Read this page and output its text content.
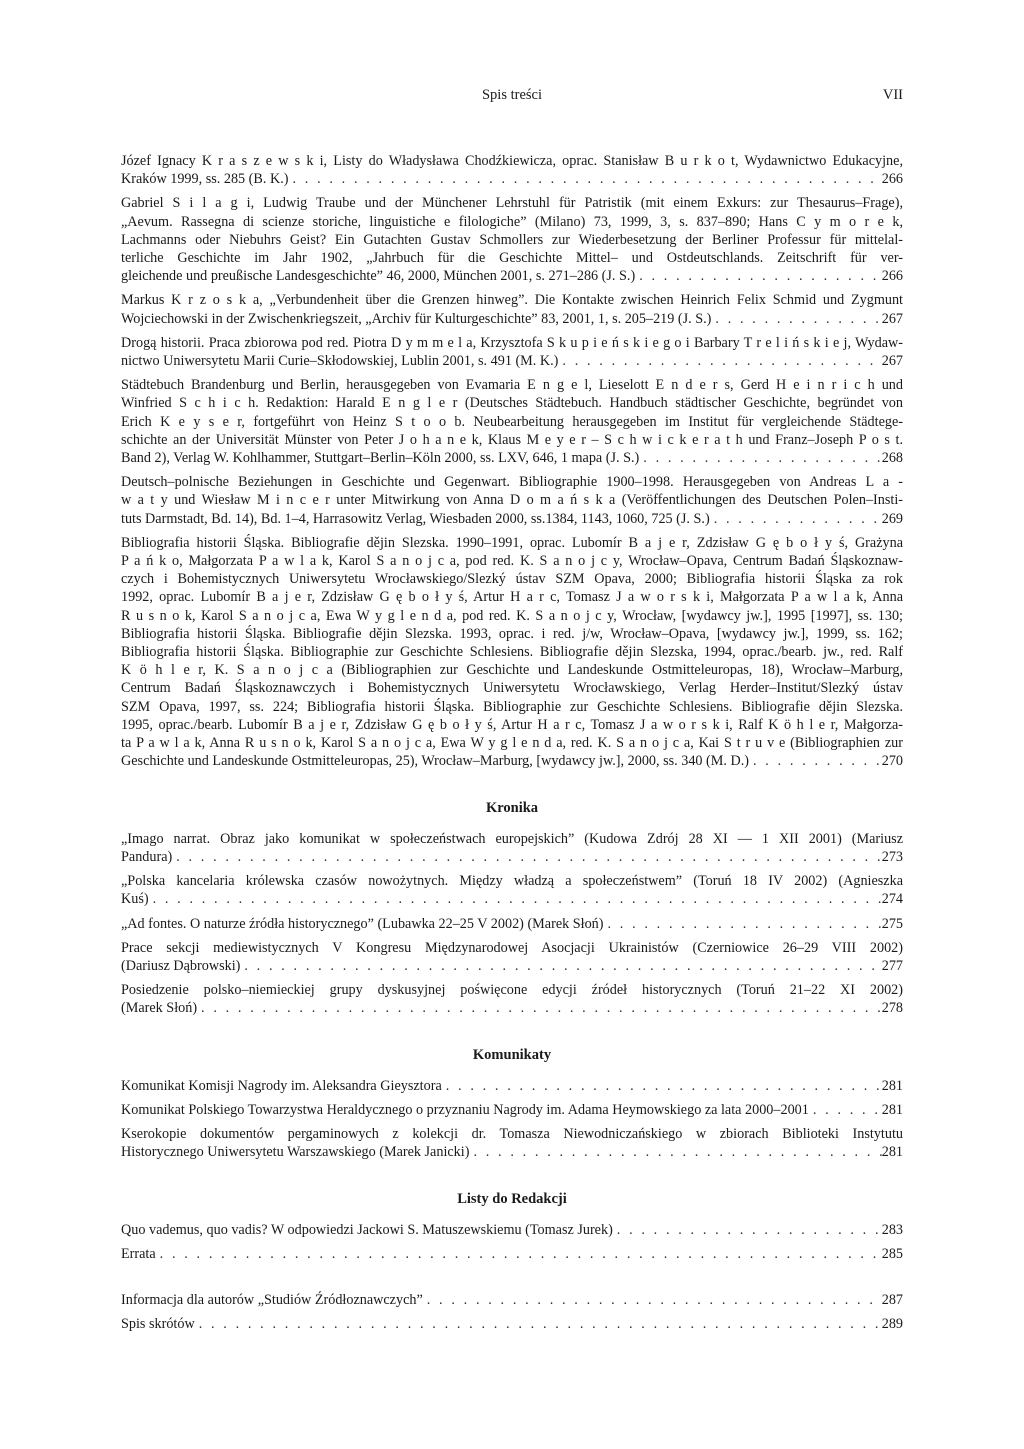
Spis treści	VII
Józef Ignacy K r a s z e w s k i, Listy do Władysława Chodźkiewicza, oprac. Stanisław B u r k o t, Wydawnictwo Edukacyjne,
Kraków 1999, ss. 285 (B. K.) . . .	266
Gabriel S i l a g i, Ludwig Traube und der Münchener Lehrstuhl für Patristik (mit einem Exkurs: zur Thesaurus–Frage),
„Aevum. Rassegna di scienze storiche, linguistiche e filologiche” (Milano) 73, 1999, 3, s. 837–890; Hans C y m o r e k,
Lachmanns oder Niebuhrs Geist? Ein Gutachten Gustav Schmollers zur Wiederbesetzung der Berliner Professur für mittelal-
terliche Geschichte im Jahr 1902, „Jahrbuch für die Geschichte Mittel– und Ostdeutschlands. Zeitschrift für ver-
gleichende und preußische Landesgeschichte” 46, 2000, München 2001, s. 271–286 (J. S.) . . .	266
Markus K r z o s k a, „Verbundenheit über die Grenzen hinweg”. Die Kontakte zwischen Heinrich Felix Schmid und Zygmunt
Wojciechowski in der Zwischenkriegszeit, „Archiv für Kulturgeschichte” 83, 2001, 1, s. 205–219 (J. S.) . . .	267
Drogą historii. Praca zbiorowa pod red. Piotra D y m m e l a, Krzysztofa S k u p i e ń s k i e g o i Barbary T r e l i ń s k i e j, Wydaw-
nictwo Uniwersytetu Marii Curie–Skłodowskiej, Lublin 2001, s. 491 (M. K.) . . .	267
Städtebuch Brandenburg und Berlin, herausgegeben von Evamaria E n g e l, Lieselott E n d e r s, Gerd H e i n r i c h und
Winfried S c h i c h. Redaktion: Harald E n g l e r (Deutsches Städtebuch. Handbuch städtischer Geschichte, begründet von
Erich K e y s e r, fortgeführt von Heinz S t o o b. Neubearbeitung herausgegeben im Institut für vergleichende Städtege-
schichte an der Universität Münster von Peter J o h a n e k, Klaus M e y e r – S c h w i c k e r a t h und Franz–Joseph P o s t.
Band 2), Verlag W. Kohlhammer, Stuttgart–Berlin–Köln 2000, ss. LXV, 646, 1 mapa (J. S.) . . .	268
Deutsch–polnische Beziehungen in Geschichte und Gegenwart. Bibliographie 1900–1998. Herausgegeben von Andreas L a -
w a t y und Wiesław M i n c e r unter Mitwirkung von Anna D o m a ń s k a (Veröffentlichungen des Deutschen Polen–Insti-
tuts Darmstadt, Bd. 14), Bd. 1–4, Harrasowitz Verlag, Wiesbaden 2000, ss.1384, 1143, 1060, 725 (J. S.) . . .	269
Bibliografia historii Śląska. Bibliografie dějin Slezska. 1990–1991, oprac. Lubomír B a j e r, Zdzisław G ę b o ł y ś, Grażyna
P a ń k o, Małgorzata P a w l a k, Karol S a n o j c a, pod red. K. S a n o j c y, Wrocław–Opava, Centrum Badań Śląskoznaw-
czych i Bohemistycznych Uniwersytetu Wrocławskiego/Slezký ústav SZM Opava, 2000; Bibliografia historii Śląska za rok
1992, oprac. Lubomír B a j e r, Zdzisław G ę b o ł y ś, Artur H a r c, Tomasz J a w o r s k i, Małgorzata P a w l a k, Anna
R u s n o k, Karol S a n o j c a, Ewa W y g l e n d a, pod red. K. S a n o j c y, Wrocław, [wydawcy jw.], 1995 [1997], ss. 130;
Bibliografia historii Śląska. Bibliografie dějin Slezska. 1993, oprac. i red. j/w, Wrocław–Opava, [wydawcy jw.], 1999, ss. 162;
Bibliografia historii Śląska. Bibliographie zur Geschichte Schlesiens. Bibliografie dějin Slezska, 1994, oprac./bearb. jw., red. Ralf
K ö h l e r, K. S a n o j c a (Bibliographien zur Geschichte und Landeskunde Ostmitteleuropas, 18), Wrocław–Marburg,
Centrum Badań Śląskoznawczych i Bohemistycznych Uniwersytetu Wrocławskiego, Verlag Herder–Institut/Slezký ústav
SZM Opava, 1997, ss. 224; Bibliografia historii Śląska. Bibliographie zur Geschichte Schlesiens. Bibliografie dějin Slezska.
1995, oprac./bearb. Lubomír B a j e r, Zdzisław G ę b o ł y ś, Artur H a r c, Tomasz J a w o r s k i, Ralf K ö h l e r, Małgorza-
ta P a w l a k, Anna R u s n o k, Karol S a n o j c a, Ewa W y g l e n d a, red. K. S a n o j c a, Kai S t r u v e (Bibliographien zur
Geschichte und Landeskunde Ostmitteleuropas, 25), Wrocław–Marburg, [wydawcy jw.], 2000, ss. 340 (M. D.) . . .	270
Kronika
„Imago narrat. Obraz jako komunikat w społeczeństwach europejskich” (Kudowa Zdrój 28 XI — 1 XII 2001) (Mariusz
Pandura) . . .	273
„Polska kancelaria królewska czasów nowożytnych. Między władzą a społeczeństwem” (Toruń 18 IV 2002) (Agnieszka
Kuś) . . .	274
„Ad fontes. O naturze źródła historycznego” (Lubawka 22–25 V 2002) (Marek Słoń) . . .	275
Prace sekcji mediewistycznych V Kongresu Międzynarodowej Asocjacji Ukrainistów (Czerniowice 26–29 VIII 2002)
(Dariusz Dąbrowski) . . .	277
Posiedzenie polsko–niemieckiej grupy dyskusyjnej poświęcone edycji źródeł historycznych (Toruń 21–22 XI 2002)
(Marek Słoń) . . .	278
Komunikaty
Komunikat Komisji Nagrody im. Aleksandra Gieysztora . . .	281
Komunikat Polskiego Towarzystwa Heraldycznego o przyznaniu Nagrody im. Adama Heymowskiego za lata 2000–2001 . . .	281
Kserokopie dokumentów pergaminowych z kolekcji dr. Tomasza Niewodniczańskiego w zbiorach Biblioteki Instytutu
Historycznego Uniwersytetu Warszawskiego (Marek Janicki) . . .	281
Listy do Redakcji
Quo vademus, quo vadis? W odpowiedzi Jackowi S. Matuszewskiemu (Tomasz Jurek) . . .	283
Errata . . .	285
Informacja dla autorów „Studiów Źródłoznawczych” . . .	287
Spis skrótów . . .	289
